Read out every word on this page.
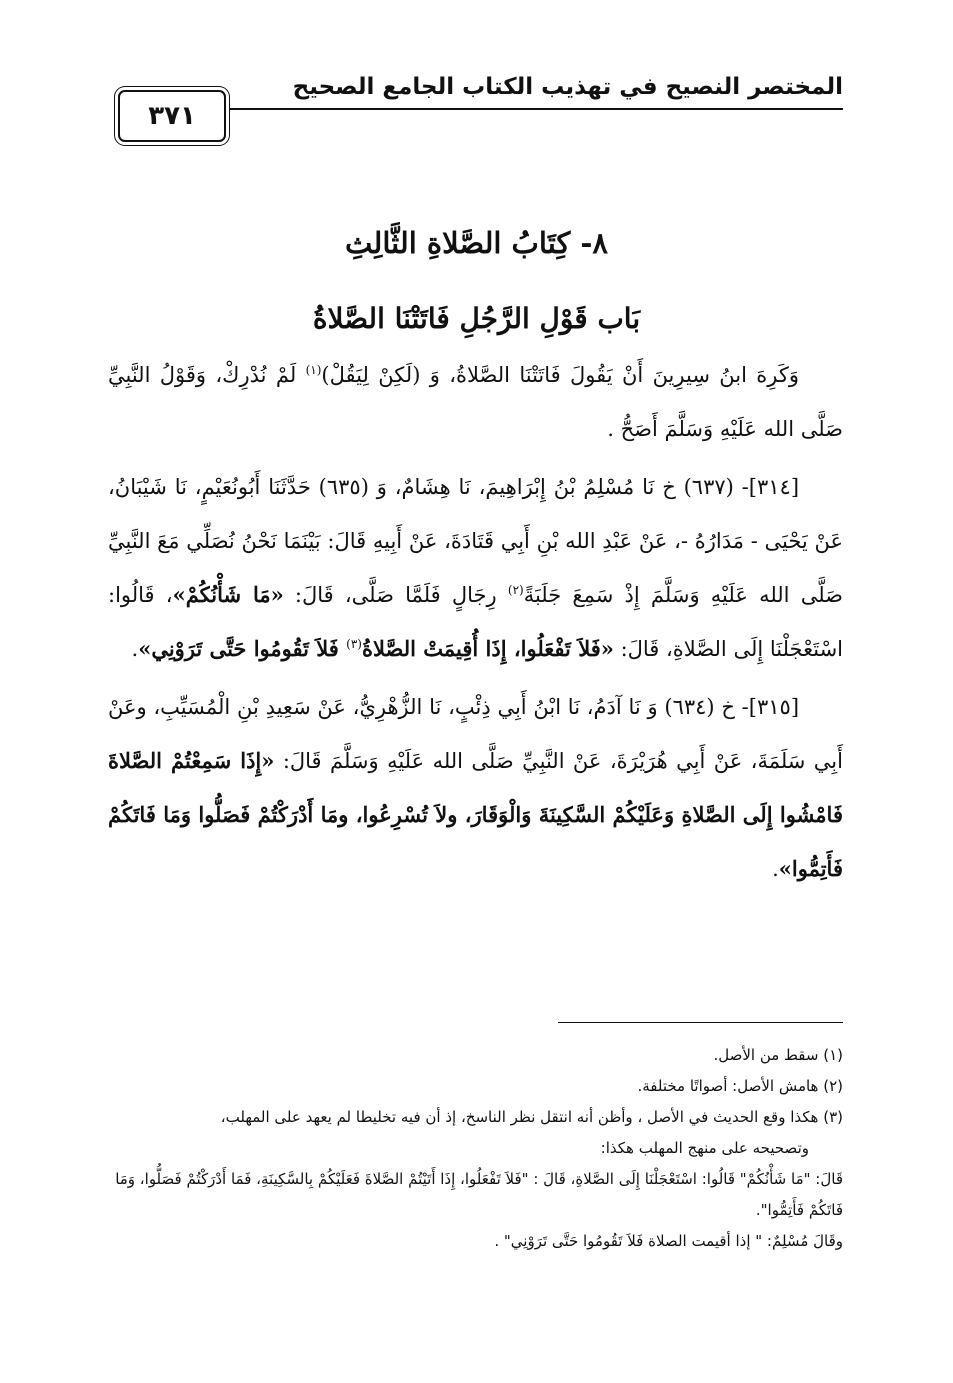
المختصر النصيح في تهذيب الكتاب الجامع الصحيح
٣٧١
٨- كِتَابُ الصَّلاةِ الثَّالِثِ
بَاب قَوْلِ الرَّجُلِ فَاتَتْنَا الصَّلاةُ

وَكَرِهَ ابنُ سِيرِينَ أَنْ يَقُولَ فَاتَتْنَا الصَّلاةُ، وَ (لَكِنْ لِيَقُلْ)$^{(١)}$ لَمْ نُدْرِكْ، وَقَوْلُ النَّبِيِّ صَلَّى الله عَلَيْهِ وَسَلَّمَ أَصَحُّ .

[٣١٤]- (٦٣٧) خ نَا مُسْلِمُ بْنُ إِبْرَاهِيمَ، نَا هِشَامٌ، وَ (٦٣٥) حَدَّثَنَا أَبُونُعَيْمٍ، نَا شَيْبَانُ، عَنْ يَحْيَى - مَدَارُهُ -، عَنْ عَبْدِ الله بْنِ أَبِي قَتَادَةَ، عَنْ أَبِيهِ قَالَ: بَيْنَمَا نَحْنُ نُصَلِّي مَعَ النَّبِيِّ صَلَّى الله عَلَيْهِ وَسَلَّمَ إِذْ سَمِعَ جَلَبَةً$^{(٢)}$ رِجَالٍ فَلَمَّا صَلَّى، قَالَ: «مَا شَأْنُكُمْ»، قَالُوا: اسْتَعْجَلْنَا إِلَى الصَّلاةِ، قَالَ: «فَلاَ تَفْعَلُوا، إِذَا أُقِيمَتْ الصَّلاةُ$^{(٣)}$ فَلاَ تَقُومُوا حَتَّى تَرَوْنِي».

[٣١٥]- خ (٦٣٤) وَ نَا آدَمُ، نَا ابْنُ أَبِي ذِئْبٍ، نَا الزُّهْرِيُّ، عَنْ سَعِيدِ بْنِ الْمُسَيِّبِ، وعَنْ أَبِي سَلَمَةَ، عَنْ أَبِي هُرَيْرَةَ، عَنْ النَّبِيِّ صَلَّى الله عَلَيْهِ وَسَلَّمَ قَالَ: «إِذَا سَمِعْتُمْ الصَّلاةَ فَامْشُوا إِلَى الصَّلاةِ وَعَلَيْكُمْ السَّكِينَةَ وَالْوَقَارَ، ولاَ تُسْرِعُوا، ومَا أَدْرَكْتُمْ فَصَلُّوا وَمَا فَاتَكُمْ فَأَتِمُّوا».

(١) سقط من الأصل.

(٢) هامش الأصل: أصواتًا مختلفة.

(٣) هكذا وقع الحديث في الأصل ، وأظن أنه انتقل نظر الناسخ، إذ أن فيه تخليطا لم يعهد على المهلب،

وتصحيحه على منهج المهلب هكذا:

قَالَ: "مَا شَأْنُكُمْ" قَالُوا: اسْتَعْجَلْنَا إِلَى الصَّلاةِ، قَالَ : "فَلاَ تَفْعَلُوا، إِذَا أَتَيْتُمْ الصَّلاةَ فَعَلَيْكُمْ بِالسَّكِينَةِ، فَمَا أَدْرَكْتُمْ فَصَلُّوا، وَمَا فَاتَكُمْ فَأَتِمُّوا".

وقَالَ مُسْلِمٌ: " إذا أقيمت الصلاة فَلاَ تَقُومُوا حَتَّى تَرَوْنِي" .
